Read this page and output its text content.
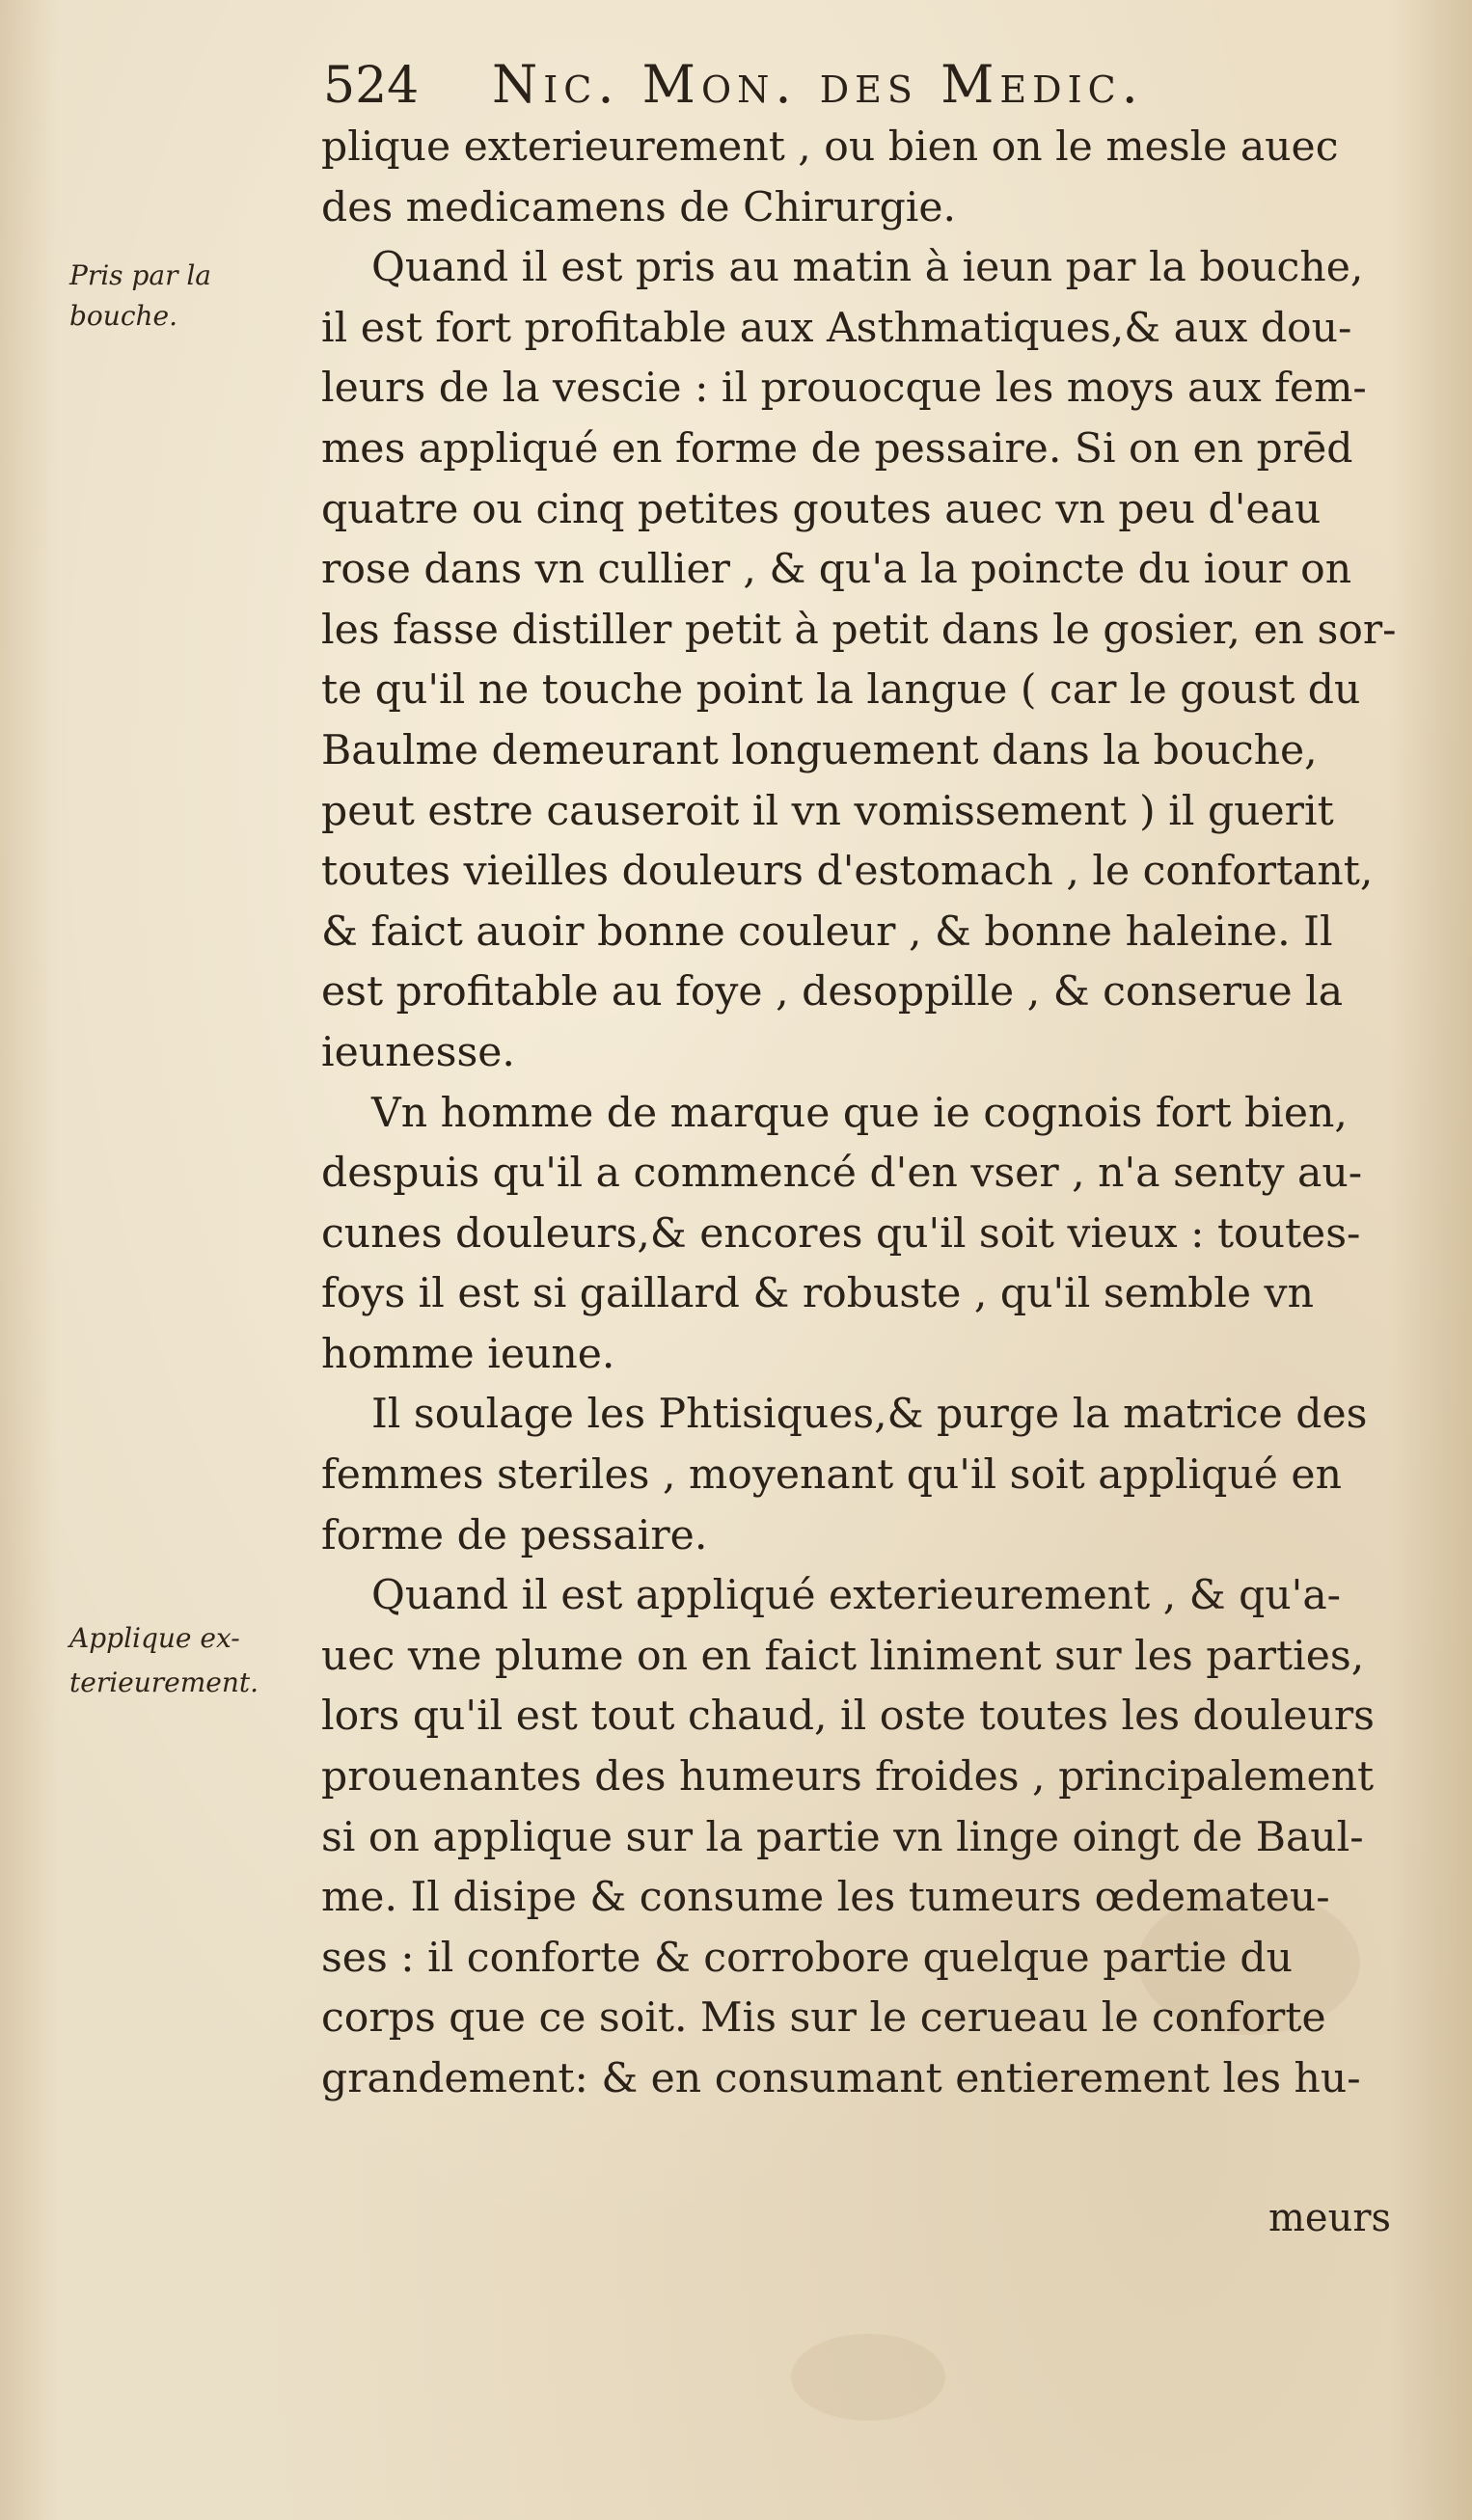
524 Nic. Mon. des Medic.
Pris par la
bouche.
Applique ex-
terieurement.
plique exterieurement , ou bien on le mesle auec
des medicamens de Chirurgie.
Quand il est pris au matin à ieun par la bouche,
il est fort profitable aux Asthmatiques,& aux dou-
leurs de la vescie : il prouocque les moys aux fem-
mes appliqué en forme de pessaire. Si on en prēd
quatre ou cinq petites goutes auec vn peu d'eau
rose dans vn cullier , & qu'a la poincte du iour on
les fasse distiller petit à petit dans le gosier, en sor-
te qu'il ne touche point la langue ( car le goust du
Baulme demeurant longuement dans la bouche,
peut estre causeroit il vn vomissement ) il guerit
toutes vieilles douleurs d'estomach , le confortant,
& faict auoir bonne couleur , & bonne haleine. Il
est profitable au foye , desoppille , & conserue la
ieunesse.
Vn homme de marque que ie cognois fort bien,
despuis qu'il a commencé d'en vser , n'a senty au-
cunes douleurs,& encores qu'il soit vieux : toutes-
foys il est si gaillard & robuste , qu'il semble vn
homme ieune.
Il soulage les Phtisiques,& purge la matrice des
femmes steriles , moyenant qu'il soit appliqué en
forme de pessaire.
Quand il est appliqué exterieurement , & qu'a-
uec vne plume on en faict liniment sur les parties,
lors qu'il est tout chaud, il oste toutes les douleurs
prouenantes des humeurs froides , principalement
si on applique sur la partie vn linge oingt de Baul-
me. Il disipe & consume les tumeurs œdemateu-
ses : il conforte & corrobore quelque partie du
corps que ce soit. Mis sur le cerueau le conforte
grandement: & en consumant entierement les hu-
meurs
